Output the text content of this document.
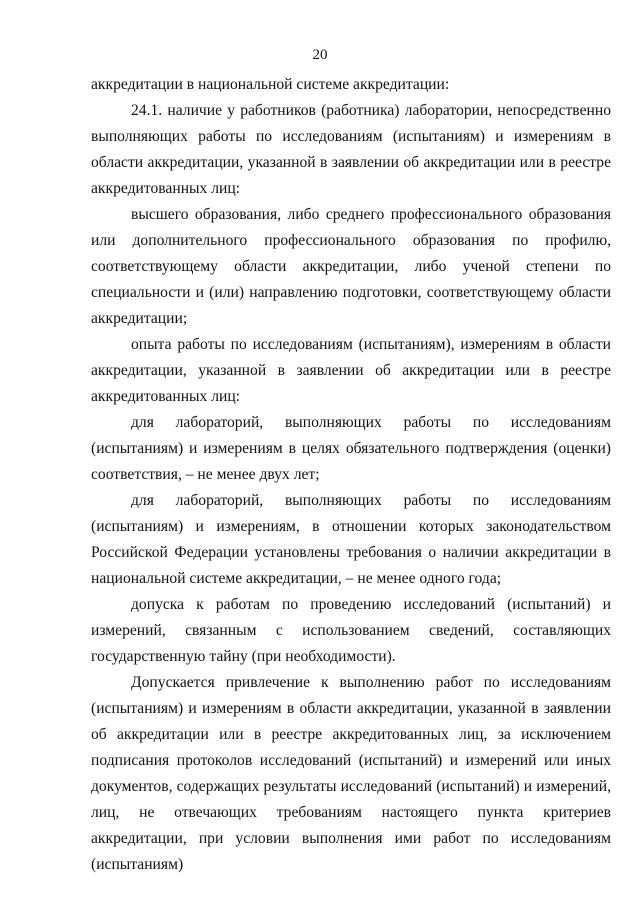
20

аккредитации в национальной системе аккредитации:

24.1. наличие у работников (работника) лаборатории, непосредственно выполняющих работы по исследованиям (испытаниям) и измерениям в области аккредитации, указанной в заявлении об аккредитации или в реестре аккредитованных лиц:

высшего образования, либо среднего профессионального образования или дополнительного профессионального образования по профилю, соответствующему области аккредитации, либо ученой степени по специальности и (или) направлению подготовки, соответствующему области аккредитации;

опыта работы по исследованиям (испытаниям), измерениям в области аккредитации, указанной в заявлении об аккредитации или в реестре аккредитованных лиц:

для лабораторий, выполняющих работы по исследованиям (испытаниям) и измерениям в целях обязательного подтверждения (оценки) соответствия, – не менее двух лет;

для лабораторий, выполняющих работы по исследованиям (испытаниям) и измерениям, в отношении которых законодательством Российской Федерации установлены требования о наличии аккредитации в национальной системе аккредитации, – не менее одного года;

допуска к работам по проведению исследований (испытаний) и измерений, связанным с использованием сведений, составляющих государственную тайну (при необходимости).

Допускается привлечение к выполнению работ по исследованиям (испытаниям) и измерениям в области аккредитации, указанной в заявлении об аккредитации или в реестре аккредитованных лиц, за исключением подписания протоколов исследований (испытаний) и измерений или иных документов, содержащих результаты исследований (испытаний) и измерений, лиц, не отвечающих требованиям настоящего пункта критериев аккредитации, при условии выполнения ими работ по исследованиям (испытаниям)
